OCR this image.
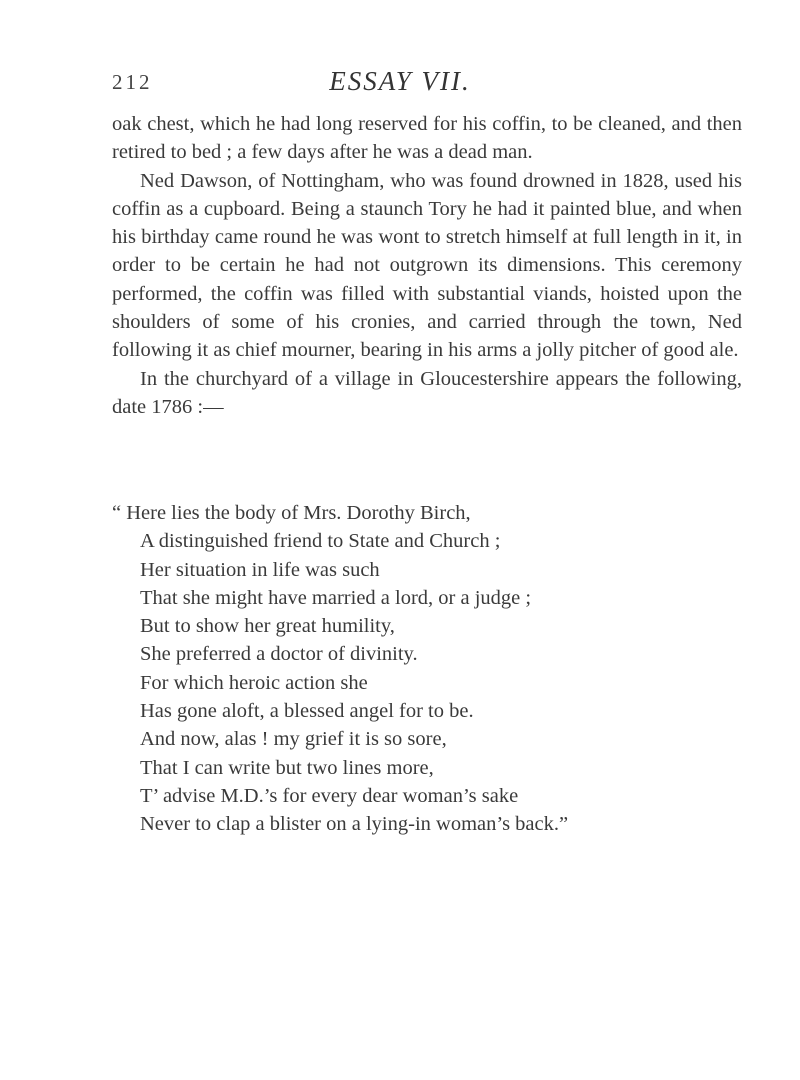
212	ESSAY VII.

oak chest, which he had long reserved for his coffin, to be cleaned, and then retired to bed ; a few days after he was a dead man.

Ned Dawson, of Nottingham, who was found drowned in 1828, used his coffin as a cupboard. Being a staunch Tory he had it painted blue, and when his birthday came round he was wont to stretch himself at full length in it, in order to be certain he had not outgrown its dimensions. This ceremony performed, the coffin was filled with substantial viands, hoisted upon the shoulders of some of his cronies, and carried through the town, Ned following it as chief mourner, bearing in his arms a jolly pitcher of good ale.

In the churchyard of a village in Gloucestershire appears the following, date 1786 :—

“ Here lies the body of Mrs. Dorothy Birch,
A distinguished friend to State and Church ;
Her situation in life was such
That she might have married a lord, or a judge ;
But to show her great humility,
She preferred a doctor of divinity.
For which heroic action she
Has gone aloft, a blessed angel for to be.
And now, alas ! my grief it is so sore,
That I can write but two lines more,
T’ advise M.D.’s for every dear woman’s sake
Never to clap a blister on a lying-in woman’s back.”
